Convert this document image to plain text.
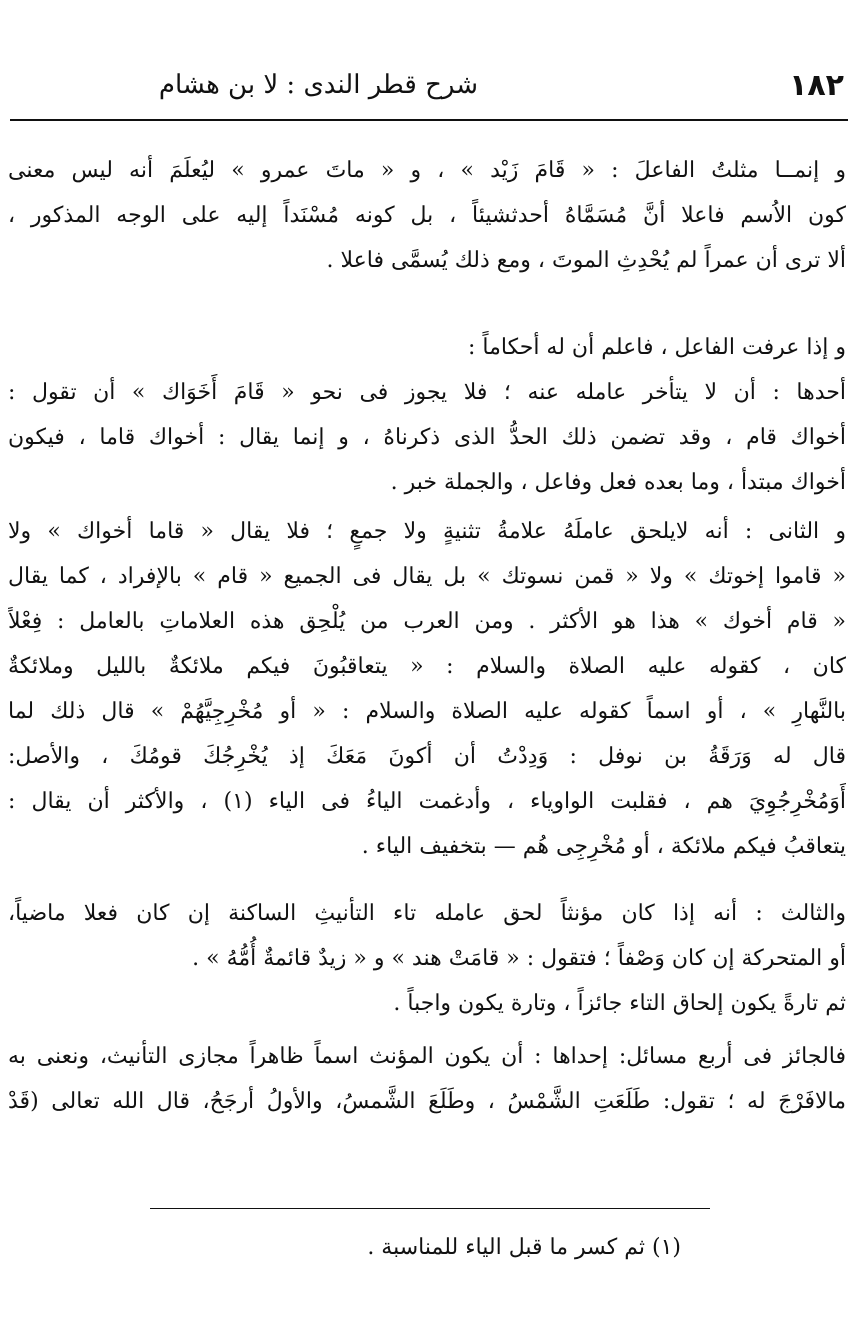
١٨٢
شرح قطر الندى : لا بن هشام
و إنمــا مثلتُ الفاعلَ : « قَامَ زَيْد » ، و « ماتَ عمرو » ليُعلَمَ أنه ليس معنى
كون الاُسم فاعلا أنَّ مُسَمَّاهُ أحدثشيئاً ، بل كونه مُسْنَداً إليه على الوجه المذكور ،
ألا ترى أن عمراً لم يُحْدِثِ الموتَ ، ومع ذلك يُسمَّى فاعلا .
و إذا عرفت الفاعل ، فاعلم أن له أحكاماً :
أحدها : أن لا يتأخر عامله عنه ؛ فلا يجوز فى نحو « قَامَ أَخَوَاك » أن تقول :
أخواك قام ، وقد تضمن ذلك الحدُّ الذى ذكرناهُ ، و إنما يقال : أخواك قاما ، فيكون
أخواك مبتدأ ، وما بعده فعل وفاعل ، والجملة خبر .
و الثانى : أنه لايلحق عاملَهُ علامةُ تثنيةٍ ولا جمعٍ ؛ فلا يقال « قاما أخواك » ولا
« قاموا إخوتك » ولا « قمن نسوتك » بل يقال فى الجميع « قام » بالإفراد ، كما يقال
« قام أخوك » هذا هو الأكثر . ومن العرب من يُلْحِق هذه العلاماتِ بالعامل : فِعْلاً
كان ، كقوله عليه الصلاة والسلام : « يتعاقبُونَ فيكم ملائكةٌ بالليل وملائكةٌ
بالنَّهارِ » ، أو اسماً كقوله عليه الصلاة والسلام : « أو مُخْرِجِيَّهُمْ » قال ذلك لما
قال له وَرَقَةُ بن نوفل : وَدِدْتُ أن أكونَ مَعَكَ إذ يُخْرِجُكَ قومُكَ ، والأصل:
أَوَمُخْرِجُوِيَ هم ، فقلبت الواوياء ، وأدغمت الياءُ فى الياء (١) ، والأكثر أن يقال :
يتعاقبُ فيكم ملائكة ، أو مُخْرِجِى هُم — بتخفيف الياء .
والثالث : أنه إذا كان مؤنثاً لحق عامله تاء التأنيثِ الساكنة إن كان فعلا ماضياً،
أو المتحركة إن كان وَصْفاً ؛ فتقول : « قامَتْ هند » و « زيدٌ قائمةٌ أُمُّهُ » .
ثم تارةً يكون إلحاق التاء جائزاً ، وتارة يكون واجباً .
فالجائز فى أربع مسائل: إحداها : أن يكون المؤنث اسماً ظاهراً مجازى التأنيث، ونعنى به
مالافَرْجَ له ؛ تقول: طَلَعَتِ الشَّمْسُ ، وطَلَعَ الشَّمسُ، والأولُ أرجَحُ، قال الله تعالى (قَدْ
(١) ثم كسر ما قبل الياء للمناسبة .
